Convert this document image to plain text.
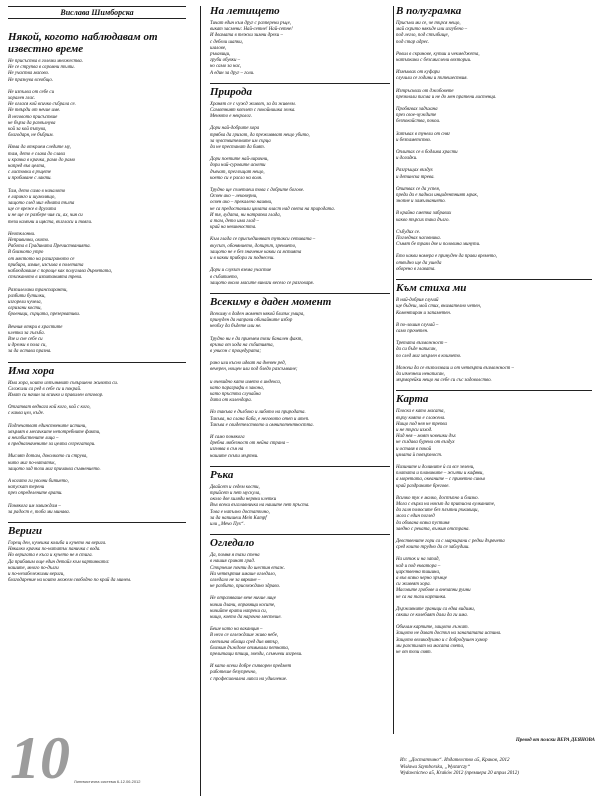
Вислава Шимборска
Някой, когото наблюдавам от известно време

Не присъства в големи множества.
Не се струпва в огромни тълпи.
Не участва масово.
Не празнува всеобщо.

Не изпълва от себе си
хорален глас.
Не оглася кой всичко събрала се.
Не твърди от нечие име.
В неговото присъствие
не бърза да развълнува
кой за кой пътува,
благодаря, не бъбрим.

Няма да открием следите му,
там, дето е слава до слава
и крачка в крачка, рамо до рамо
напред във целта,
с листовки в ръцете
и пробиване с лакти.

Там, дето само в началото
е ларинго и шумолящо,
защото след миг едната тълпа
ще се врежe в другата
и не ще се разбере чия си, ах, чия си
тези камъни и щяста, възгласи и тояги.

Неотклонни.
Непривични, охото.
Работа в Градината Пречистванията.
В близкото утро
от мястото на разиграното се
прибира, измие, изсъхва в полетата
наблюдаваше с пороще как полуглава дърветата,
стъпканото в изпитанията трева.

Разпилелани транспаранти,
разбити бутилки,
изгорели чучела,
огризани кости,
броеници, сърцата, презервативи.

Вечния откри в храстите
клетка за гълъба.
Взе и сне себе си
и дрелки в пола си,
за да остава празна.

Има хора

Има хора, които изпълняват съвършено живота си.
Сложили са ред в себе си и покрай.
Имат си начин за всичко и правилен отговор.

Отгатват веднага кой кого, кой с кого,
с каква цел, къде.

Подпечатват единствените истини,
хвърлят в месачките непотребните факти,
а неизбистените лица –
в предназначените за целта сегрегатори.

Мислят дотам, доколкото си струва,
нито миг по-нататък,
защото зад този миг причаква съмнението.

А когато ги уволни битието,
напускат терени
през определените врати.

Понякога им завиждам –
за радост е, тоба ми минава.

Вериги

Горещ ден, кучешка колиба и кучето на верига.
Някалко крачка по-нататък паничка с вода.
Но веригата е къса и кучето не я стига.
Да прибавим още един детайл към картинката:
нашите, много по-дълги
и по-незабележими вериги,
благодарение на които можем свободно по край да минем.

На летището

Тичат един към друг с разперени ръце,
викат засмени: Най-сетне! Най-сетне!
И двамата в тежки зимни дрехи –
с дебели шапки,
шалове,
ръкавици,
груби обувки –
но само за нас,
А един за друг – голи.

Природа

Хранят се с чужд живот, за да живеем.
Самотният котлет с покойнишка зелка.
Менюто е некролог.

Дори най-добрите хора
трябва да гризат, да преживяват нещо убито,
за чувствителните им сърца
да не престанат да бият.

Дори поетите най-лирични,
дори най-суровите аскети
дъвчат, преглъщат нещо,
което си е расло на воля.

Трудно ще съчетаеш това с добрите богове.
Освен ако – лековерни,
освен ако – прекалено наивни,
не са предоставили цялата власт над света на природата.
И тя, лудата, ни натрапва глада,
а там, дето има глад –
край на невинността.

Към глада се присъединяват тутакси сетивата –
вкусът, обонянието, допирът, зрението,
защото не е без значение какви са ястията
и в какви прибори ги поднесеш.

Дори и слухът взема участие
в събитието,
защото около масите винаги весело се разговаря.

Всекиму в даден момент

Всекиму в даден момент някой близък умира,
принуден да направи обичайните избор
необху да бъдете или не.

Трудно ни е да приемем този банален факт,
връзка от хода на събитията,
в унисон с процедурата;

рано или късно идват на дневен ред,
вечерен, нощен или под бледо разсъмване;

и очевидно като името в индекса,
като параграфи в законa,
като пръстта случайна
дата от календара.

Но такъва е дълбоко и либото на природата.
Такъва, на слана баба, е неговото omen и amen.
Такъва е свидетелството и омнипотентността.

И само понякога
дребна любезност от нейна страна –
изгнява в сън на
нашите скъпи мъртви.

Ръка

Двайсет и седем кости,
трийсет и пет мускула,
около две хиляди нервни клетки
Във всеки възглавничка на нашите пет пръста.
Това е напълно достатъчно,
за да напишеш Mein Kampf
или „Мечо Пух“.

Огледало

Да, помня я тази стена
в нашия сринат град.
Стърчеше почти до шестия етаж.
На четвъртия имаше огледало,
огледало не за вярване –
не разбито, присвеждано здраво.

Не отразяваше вече ничие лице
ничии длани, оправящи косите,
ничийте врати напреки си,
нищо, което да нарочно местеше.

Беше като на ваканция –
В него се оглеждаше живо небе,
светлина облаци сред див вятър,
близкия дъждове отмивали петната,
прелитащи птици, звезди, слънчеви изгреви.

И като всеки добре сътворен предмет
работеше безупречно,
с професионална липса на удивление.

В полуграмка

Присъни ми се, че търся нещо,
май скрито някъде или изгубено –
под легло, под стълбище,
под стар адрес.

Ровил в скринове, кутии и чекмеджета,
натъпкани с безсмислени вехтории.

Измъквах от куфари
случили се години и пътешествия.

Изтръсквах от джобовете
презкнали писма и не до мен пратени листенца.

Пробягвах задъхана
през свое-чуждите
безпокойства, покои.

Затъвах в тунели от сняг
и безпаметство.

Оплитах се в бодлива храсти
и догадки.

Разгръщах въздух
и детинска трева.

Опитвах се да успея,
преди да е паднал инцидентният мрак,
знопне и замълчанието.

В крайна сметка забравих
какво търсих така дълго.

Събудих се.
Погледнах часовника.
Сънят бе траял две и половина минути.

Ето какви номера е принуден да прави времето,
отвъдно ще да ушeда
оборенo в главата.

Към стиха ми

В най-добрия случай
ще бъдеш, мой стих, внимателно четен,
Коментиран и запаметен.

В по-лошия случай –
само прочетен.

Третата възможност –
да си бъде написан,
no след миг хвърлен в кошчето.

Можеш да се възползваш и от четвърти възможност –
да изчезнеш ненаписан,
мърморейки нещо на себе си със задоволство.

Карта

Плоска е като масата,
върху която е сложена.
Нищо под нея не трепва
и не търси изход.
Над нея – моят човешки дъх
не създава бурени от въздух
и оставя в покой
цялата ѝ повърхност.

Низините и долините ѝ са все зелени,
платата и планините – жълти и кафяви,
а моретата, океаните – с приветно синьо
край раздраните брегове.

Всичко тук е малко, достъпно и близко.
Мога с върха на нокът да притисна вулканите,
да галя полюсите без плътни ръкавици,
мога с един поглед
да обхвана всяка пустиня
заедно с реката, вълкия отстрана.

Девствените гори са с маркирани с редки дървчета
сред които трудно да се заблудиш.

На изток и на запад,
над и под екватора –
царственна тишина,
а във всяко черно зрънце
си живеят хора.
Масовите гробове и внезапни руини
не са на тази картинка.

Държавните граници са едва видими,
сякаш се колебаят дали да ги има.

Обичам картите, защото лъжат.
Защото не дават достъп на занапатата истина.
Защото великодушно и с добродушен хумор
ми разстилат на масата света,
не от този свят.

10 Лингвистична система 6-12.06.2012
Превод от полски ВЕРА ДЕЯНОВА
Из: „Достатъчно“. Издателство a5, Краков, 2012
Wisława Szymborska, „Wystarczy“
Wydawnictwo a5, Kraków 2012 (премиера 20 април 2012)
